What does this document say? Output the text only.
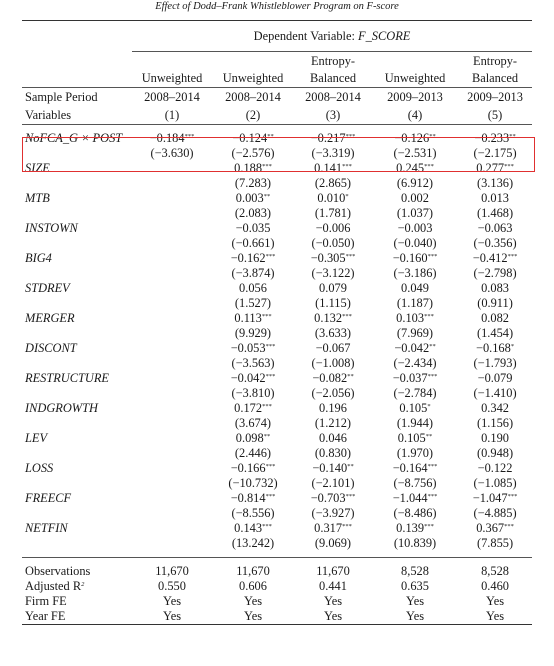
Effect of Dodd–Frank Whistleblower Program on F-score
	Dependent Variable: F_SCORE				
			Entropy-		Entropy-
	Unweighted	Unweighted	Balanced	Unweighted	Balanced
Sample Period	2008–2014	2008–2014	2008–2014	2009–2013	2009–2013
Variables	(1)	(2)	(3)	(4)	(5)

NoFCA_G × POST	−0.184***	−0.124**	−0.217***	−0.126**	−0.233**
	(−3.630)	(−2.576)	(−3.319)	(−2.531)	(−2.175)
SIZE		0.188***	0.141***	0.245***	0.277***
		(7.283)	(2.865)	(6.912)	(3.136)
MTB		0.003**	0.010*	0.002	0.013
		(2.083)	(1.781)	(1.037)	(1.468)
INSTOWN		−0.035	−0.006	−0.003	−0.063
		(−0.661)	(−0.050)	(−0.040)	(−0.356)
BIG4		−0.162***	−0.305***	−0.160***	−0.412***
		(−3.874)	(−3.122)	(−3.186)	(−2.798)
STDREV		0.056	0.079	0.049	0.083
		(1.527)	(1.115)	(1.187)	(0.911)
MERGER		0.113***	0.132***	0.103***	0.082
		(9.929)	(3.633)	(7.969)	(1.454)
DISCONT		−0.053***	−0.067	−0.042**	−0.168*
		(−3.563)	(−1.008)	(−2.434)	(−1.793)
RESTRUCTURE		−0.042***	−0.082**	−0.037***	−0.079
		(−3.810)	(−2.056)	(−2.784)	(−1.410)
INDGROWTH		0.172***	0.196	0.105*	0.342
		(3.674)	(1.212)	(1.944)	(1.156)
LEV		0.098**	0.046	0.105**	0.190
		(2.446)	(0.830)	(1.970)	(0.948)
LOSS		−0.166***	−0.140**	−0.164***	−0.122
		(−10.732)	(−2.101)	(−8.756)	(−1.085)
FREECF		−0.814***	−0.703***	−1.044***	−1.047***
		(−8.556)	(−3.927)	(−8.486)	(−4.885)
NETFIN		0.143***	0.317***	0.139***	0.367***
		(13.242)	(9.069)	(10.839)	(7.855)

Observations	11,670	11,670	11,670	8,528	8,528
Adjusted $R^2$	0.550	0.606	0.441	0.635	0.460
Firm FE	Yes	Yes	Yes	Yes	Yes
Year FE	Yes	Yes	Yes	Yes	Yes
